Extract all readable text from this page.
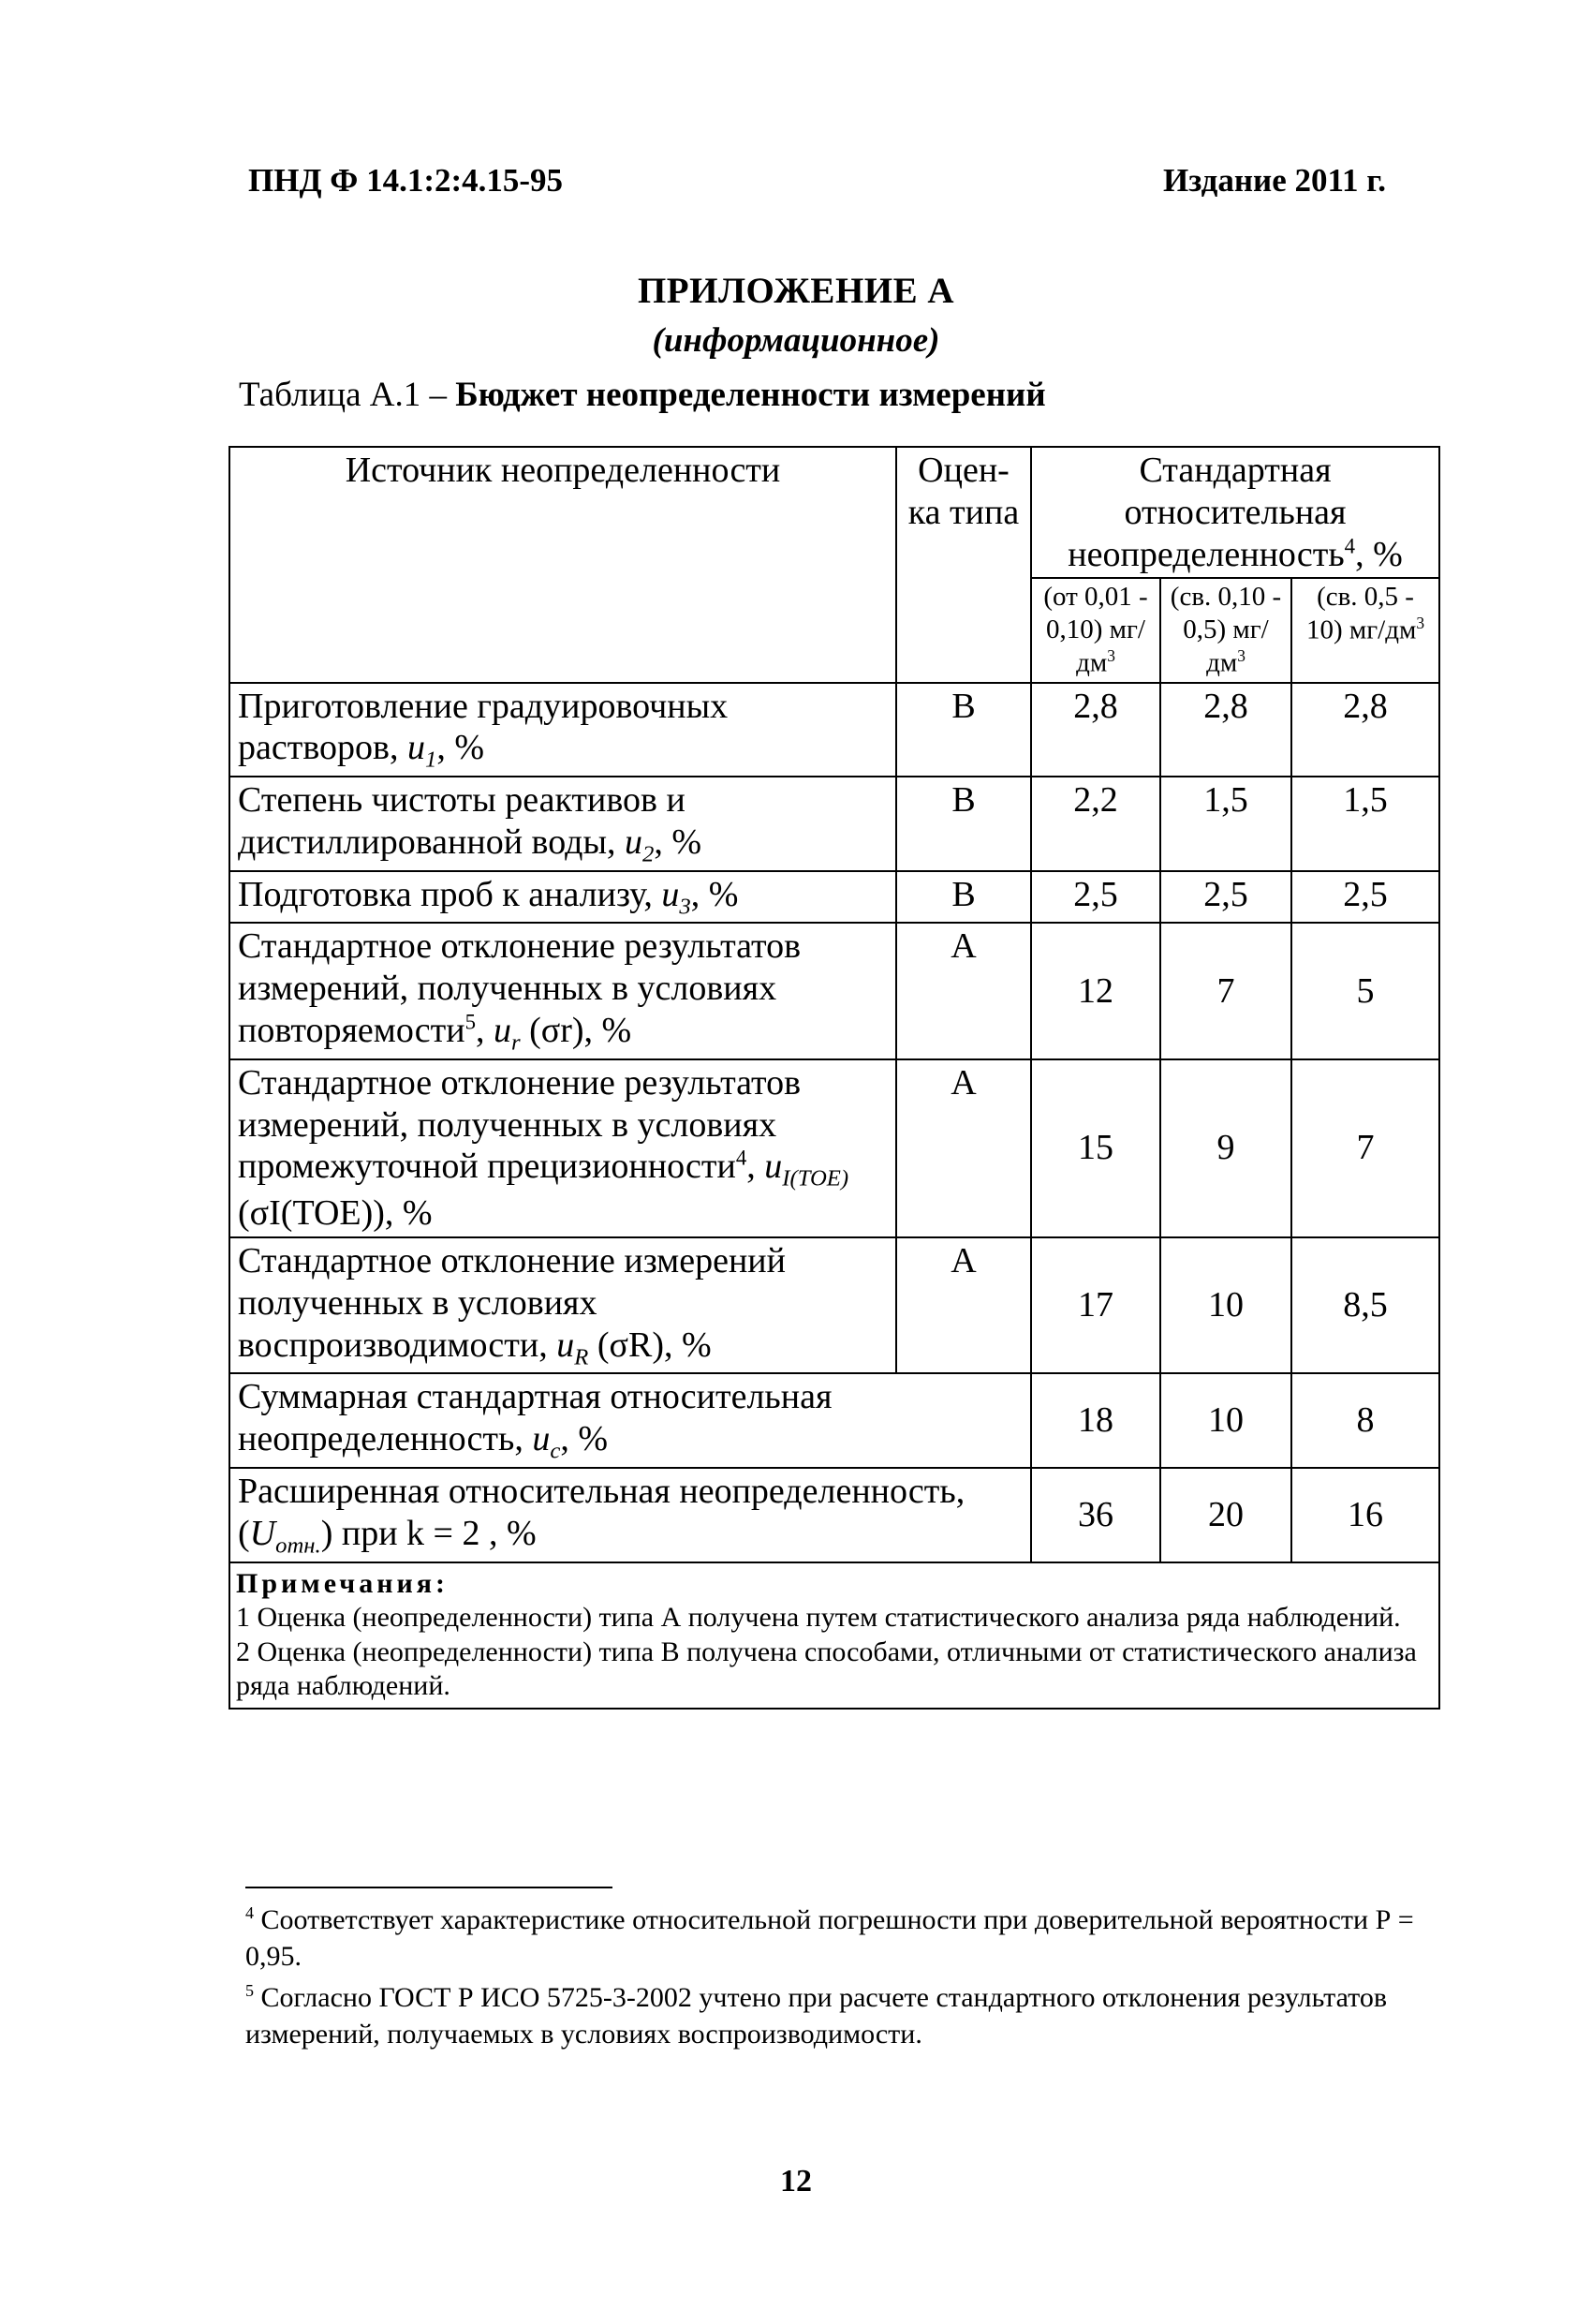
ПНД Ф 14.1:2:4.15-95	Издание 2011 г.
ПРИЛОЖЕНИЕ А
(информационное)
Таблица А.1 – Бюджет неопределенности измерений
Источник неопределенности	Оцен-ка типа	Стандартная относительная неопределенность$^4$, %		
		(от 0,01 - 0,10) $мг/дм^3$	(св. 0,10 - 0,5) $мг/дм^3$	(св. 0,5 - 10) $мг/дм^3$
Приготовление градуировочных растворов, $u_1$, %	В	2,8	2,8	2,8
Степень чистоты реактивов и дистиллированной воды, $u_2$, %	В	2,2	1,5	1,5
Подготовка проб к анализу, $u_3$, %	В	2,5	2,5	2,5
Стандартное отклонение результатов измерений, полученных в условиях повторяемости$^5$, $u_r$ (σr), %	А	12	7	5
Стандартное отклонение результатов измерений, полученных в условиях промежуточной прецизионности$^4$, $u_{I(TOE)}$ (σI(TOE)), %	А	15	9	7
Стандартное отклонение измерений полученных в условиях воспроизводимости, $u_R$ (σR), %	А	17	10	8,5
Суммарная стандартная относительная неопределенность, $u_c$, %		18	10	8
Расширенная относительная неопределенность, $(U_{отн.})$ при k = 2 , %		36	20	16

Примечания:
1 Оценка (неопределенности) типа А получена путем статистического анализа ряда наблюдений.
2 Оценка (неопределенности) типа В получена способами, отличными от статистического анализа ряда наблюдений.				
$^4$ Соответствует характеристике относительной погрешности при доверительной вероятности Р = 0,95.
$^5$ Согласно ГОСТ Р ИСО 5725-3-2002 учтено при расчете стандартного отклонения результатов измерений, получаемых в условиях воспроизводимости.
12
